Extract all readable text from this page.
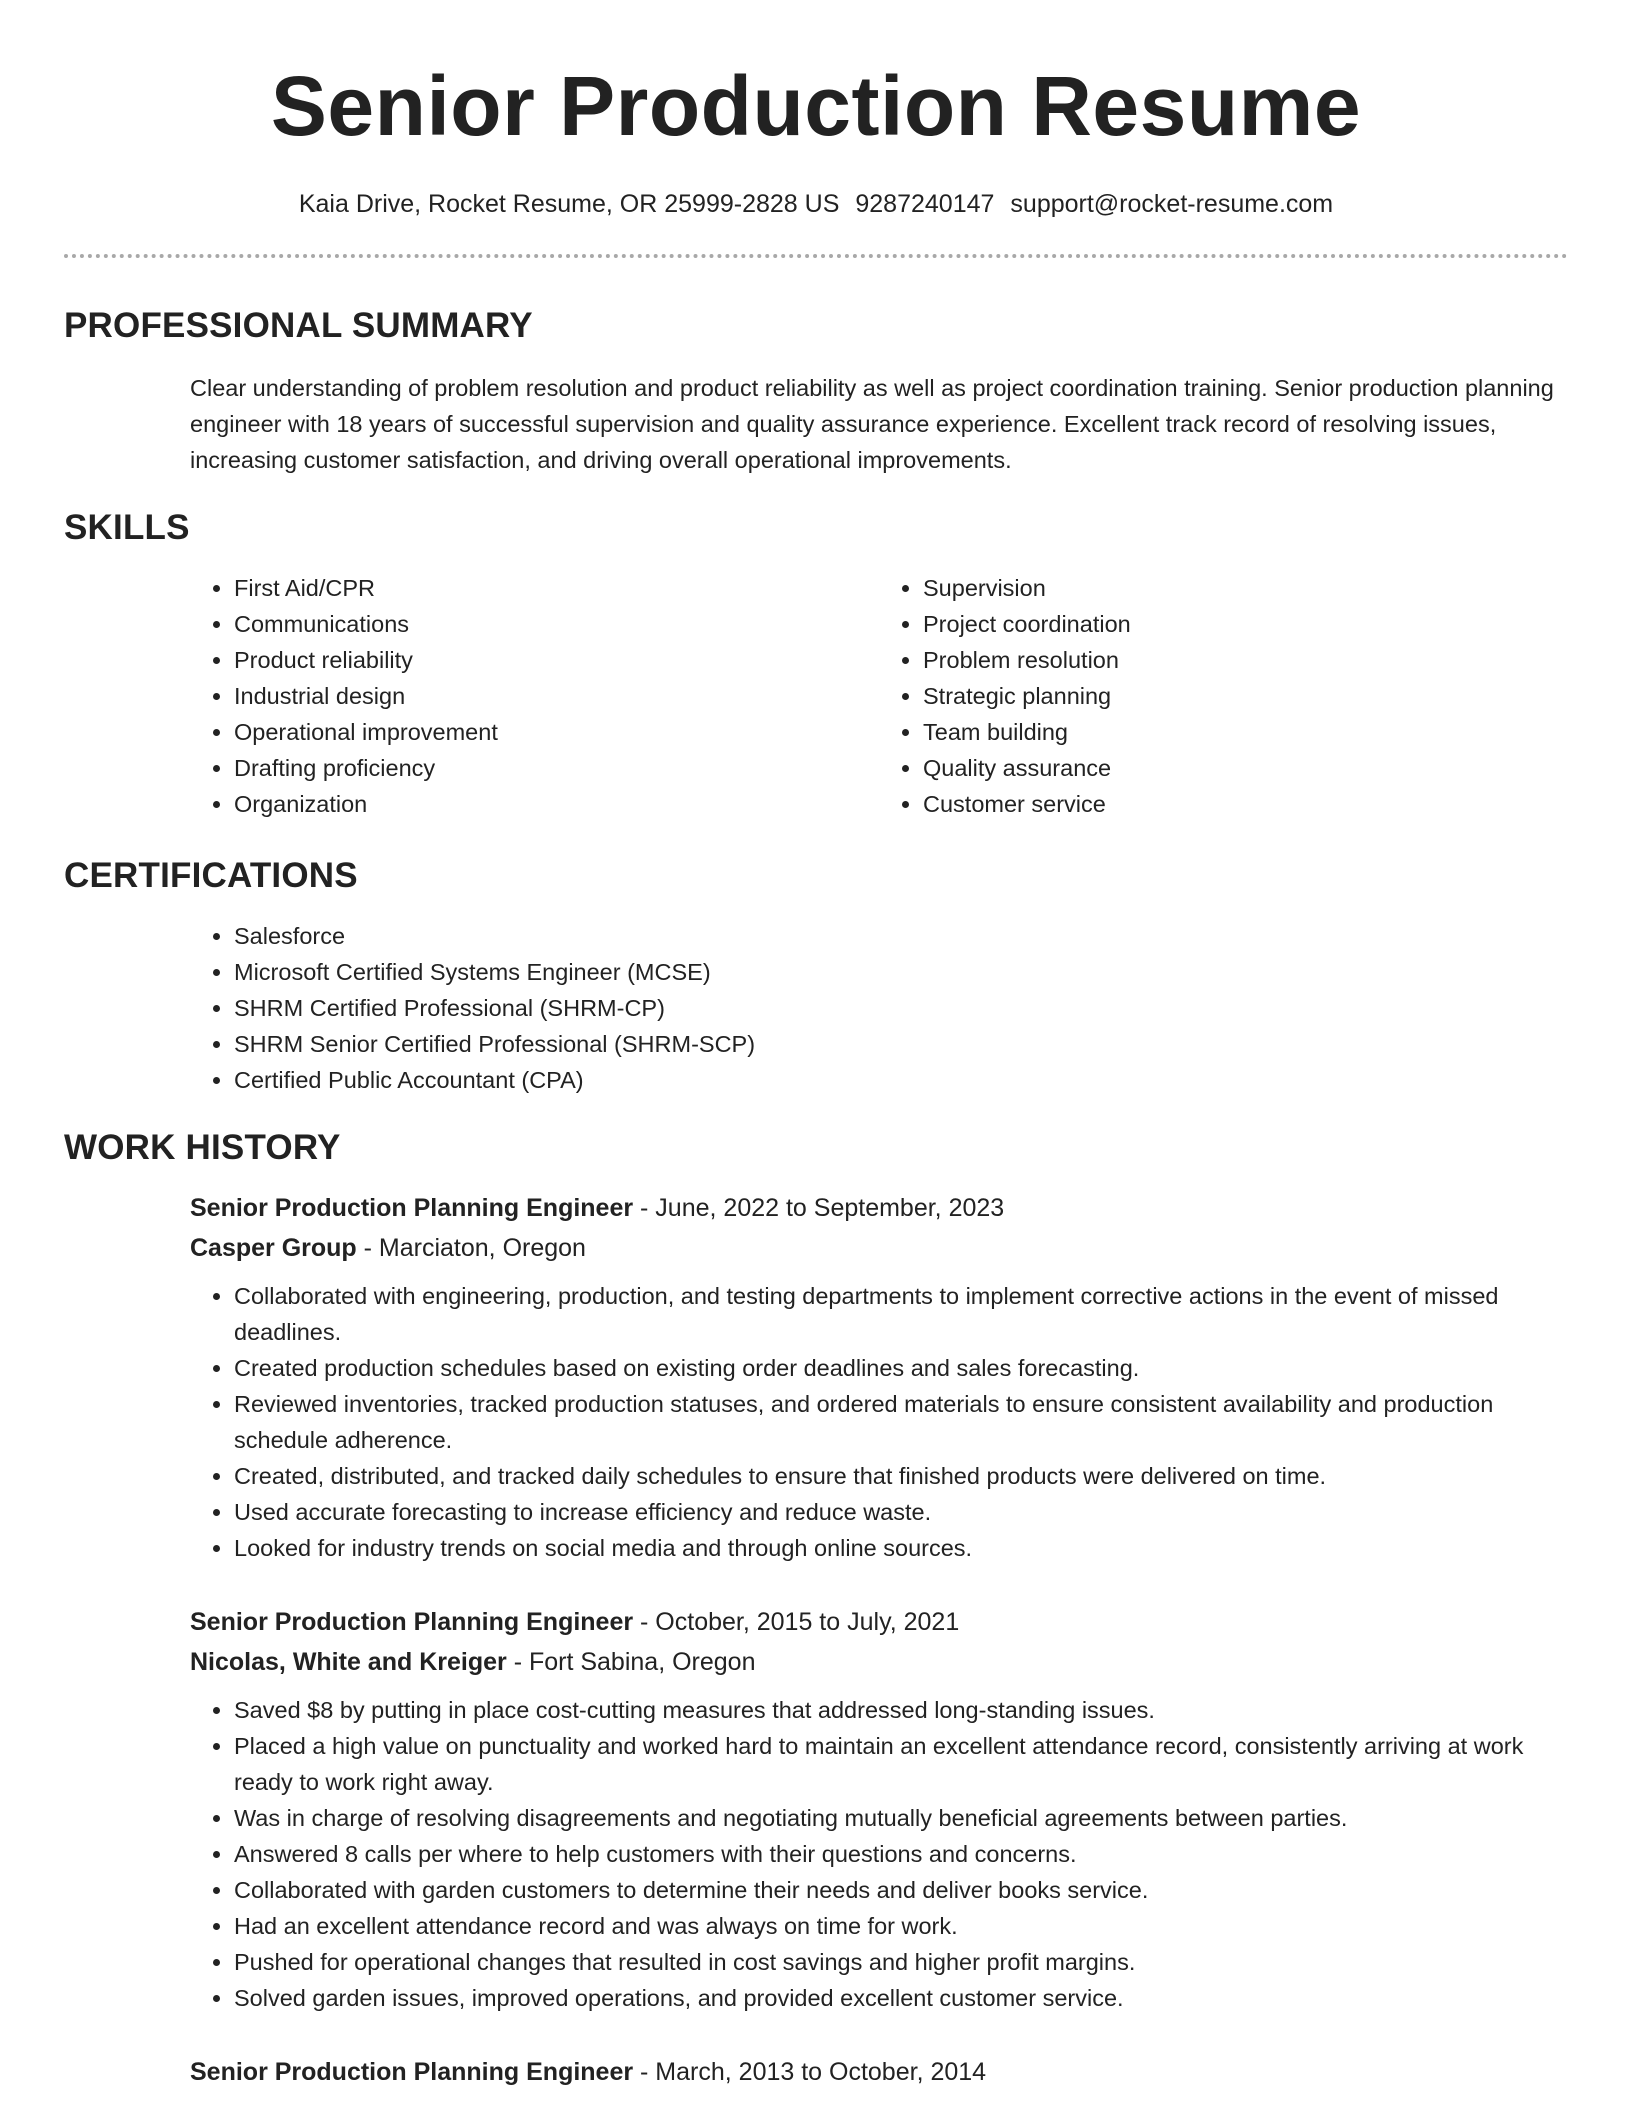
Senior Production Resume
Kaia Drive, Rocket Resume, OR 25999-2828 US 9287240147 support@rocket-resume.com
PROFESSIONAL SUMMARY

Clear understanding of problem resolution and product reliability as well as project coordination training. Senior production planning engineer with 18 years of successful supervision and quality assurance experience. Excellent track record of resolving issues, increasing customer satisfaction, and driving overall operational improvements.

SKILLS
• First Aid/CPR
• Communications
• Product reliability
• Industrial design
• Operational improvement
• Drafting proficiency
• Organization
• Supervision
• Project coordination
• Problem resolution
• Strategic planning
• Team building
• Quality assurance
• Customer service
CERTIFICATIONS
• Salesforce
• Microsoft Certified Systems Engineer (MCSE)
• SHRM Certified Professional (SHRM-CP)
• SHRM Senior Certified Professional (SHRM-SCP)
• Certified Public Accountant (CPA)
WORK HISTORY
Senior Production Planning Engineer - June, 2022 to September, 2023
Casper Group - Marciaton, Oregon
• Collaborated with engineering, production, and testing departments to implement corrective actions in the event of missed deadlines.
• Created production schedules based on existing order deadlines and sales forecasting.
• Reviewed inventories, tracked production statuses, and ordered materials to ensure consistent availability and production schedule adherence.
• Created, distributed, and tracked daily schedules to ensure that finished products were delivered on time.
• Used accurate forecasting to increase efficiency and reduce waste.
• Looked for industry trends on social media and through online sources.
Senior Production Planning Engineer - October, 2015 to July, 2021
Nicolas, White and Kreiger - Fort Sabina, Oregon
• Saved $8 by putting in place cost-cutting measures that addressed long-standing issues.
• Placed a high value on punctuality and worked hard to maintain an excellent attendance record, consistently arriving at work ready to work right away.
• Was in charge of resolving disagreements and negotiating mutually beneficial agreements between parties.
• Answered 8 calls per where to help customers with their questions and concerns.
• Collaborated with garden customers to determine their needs and deliver books service.
• Had an excellent attendance record and was always on time for work.
• Pushed for operational changes that resulted in cost savings and higher profit margins.
• Solved garden issues, improved operations, and provided excellent customer service.
Senior Production Planning Engineer - March, 2013 to October, 2014
